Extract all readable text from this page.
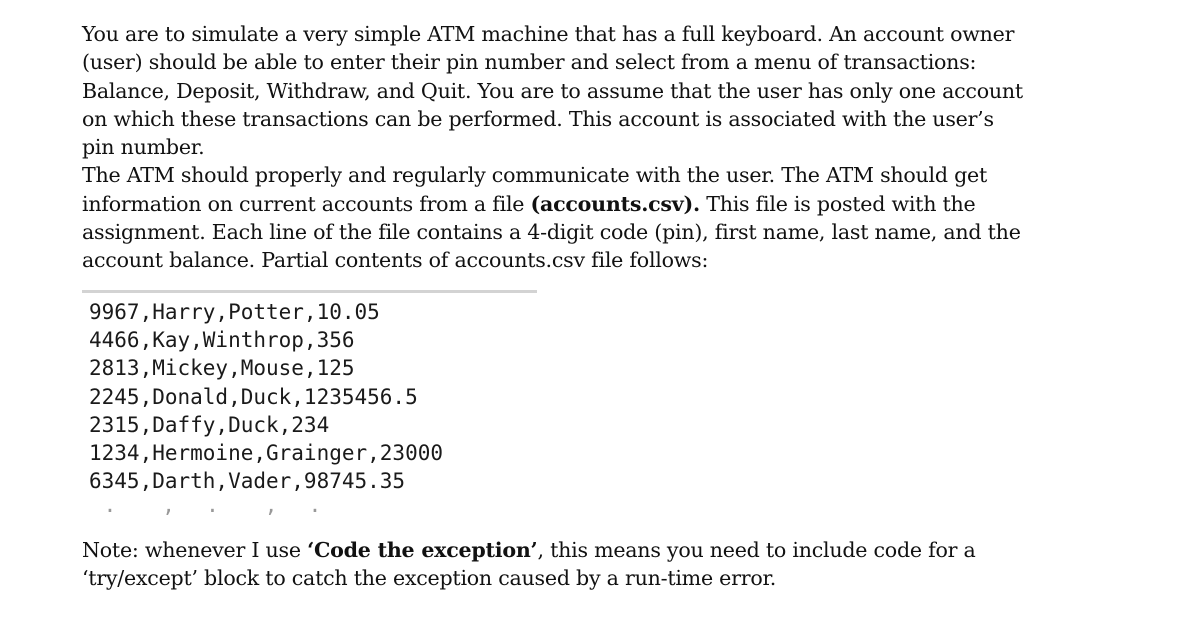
You are to simulate a very simple ATM machine that has a full keyboard. An account owner
(user) should be able to enter their pin number and select from a menu of transactions:
Balance, Deposit, Withdraw, and Quit. You are to assume that the user has only one account
on which these transactions can be performed. This account is associated with the user’s
pin number.
The ATM should properly and regularly communicate with the user. The ATM should get
information on current accounts from a file (accounts.csv). This file is posted with the
assignment. Each line of the file contains a 4-digit code (pin), first name, last name, and the
account balance. Partial contents of accounts.csv file follows:
9967,Harry,Potter,10.05
4466,Kay,Winthrop,356
2813,Mickey,Mouse,125
2245,Donald,Duck,1235456.5
2315,Daffy,Duck,234
1234,Hermoine,Grainger,23000
6345,Darth,Vader,98745.35
.   ,  .   ,  .
Note: whenever I use ‘Code the exception’, this means you need to include code for a
‘try/except’ block to catch the exception caused by a run-time error.
